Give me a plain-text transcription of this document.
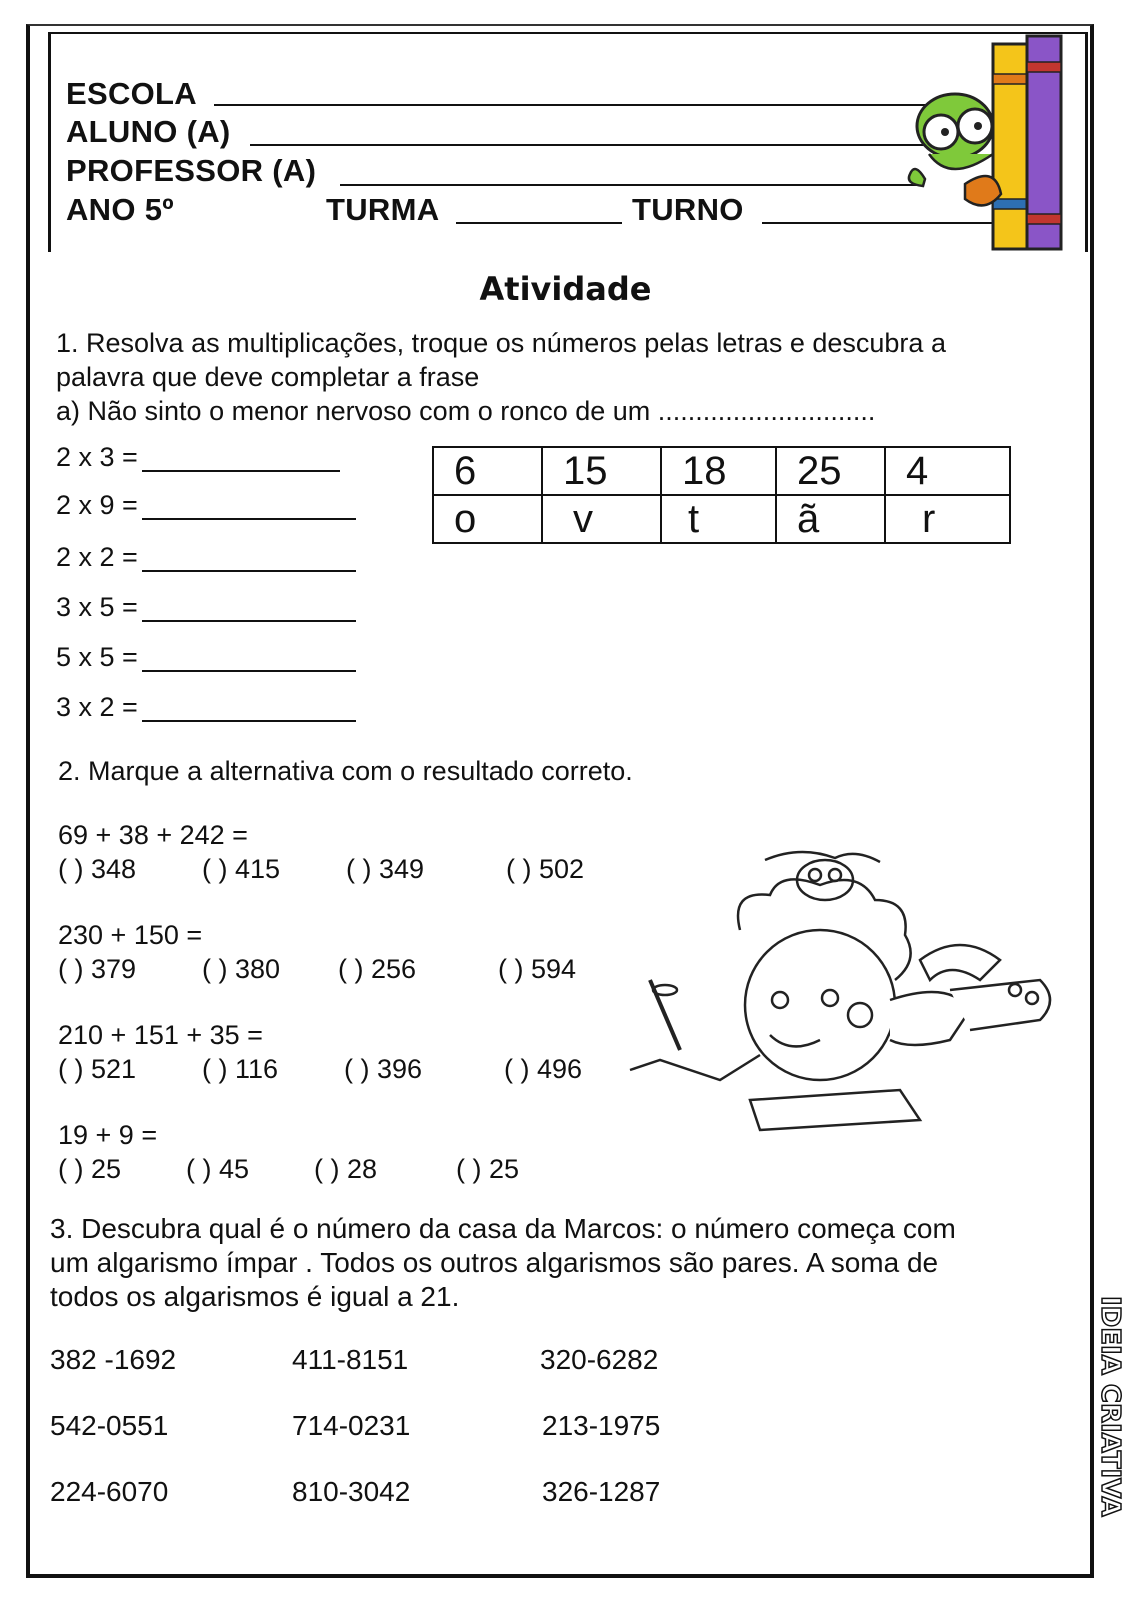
ESCOLA
ALUNO (A)
PROFESSOR (A)
ANO 5º	TURMA	TURNO
Atividade
1. Resolva as multiplicações, troque os números pelas letras e descubra a
palavra que deve completar a frase
a) Não sinto o menor nervoso com o ronco de um .............................
2 x 3 =
2 x 9 =
2 x 2 =
3 x 5 =
5 x 5 =
3 x 2 =
6	15	18	25	4
o	v	t	ã	r
2. Marque a alternativa com o resultado correto.
69 + 38 + 242 =
( ) 348 ( ) 415 ( ) 349	( ) 502
230 + 150 =
( ) 379 ( ) 380 ( ) 256	( ) 594
210 + 151 + 35 =
( ) 521 ( ) 116 ( ) 396	( ) 496
19 + 9 =
( ) 25 ( ) 45 ( ) 28	( ) 25
3. Descubra qual é o número da casa da Marcos: o número começa com
um algarismo ímpar . Todos os outros algarismos são pares. A soma de
todos os algarismos é igual a 21.
382 -1692	411-8151	320-6282
542-0551	714-0231	213-1975
224-6070	810-3042	326-1287	IDEIA CRIATIVA
